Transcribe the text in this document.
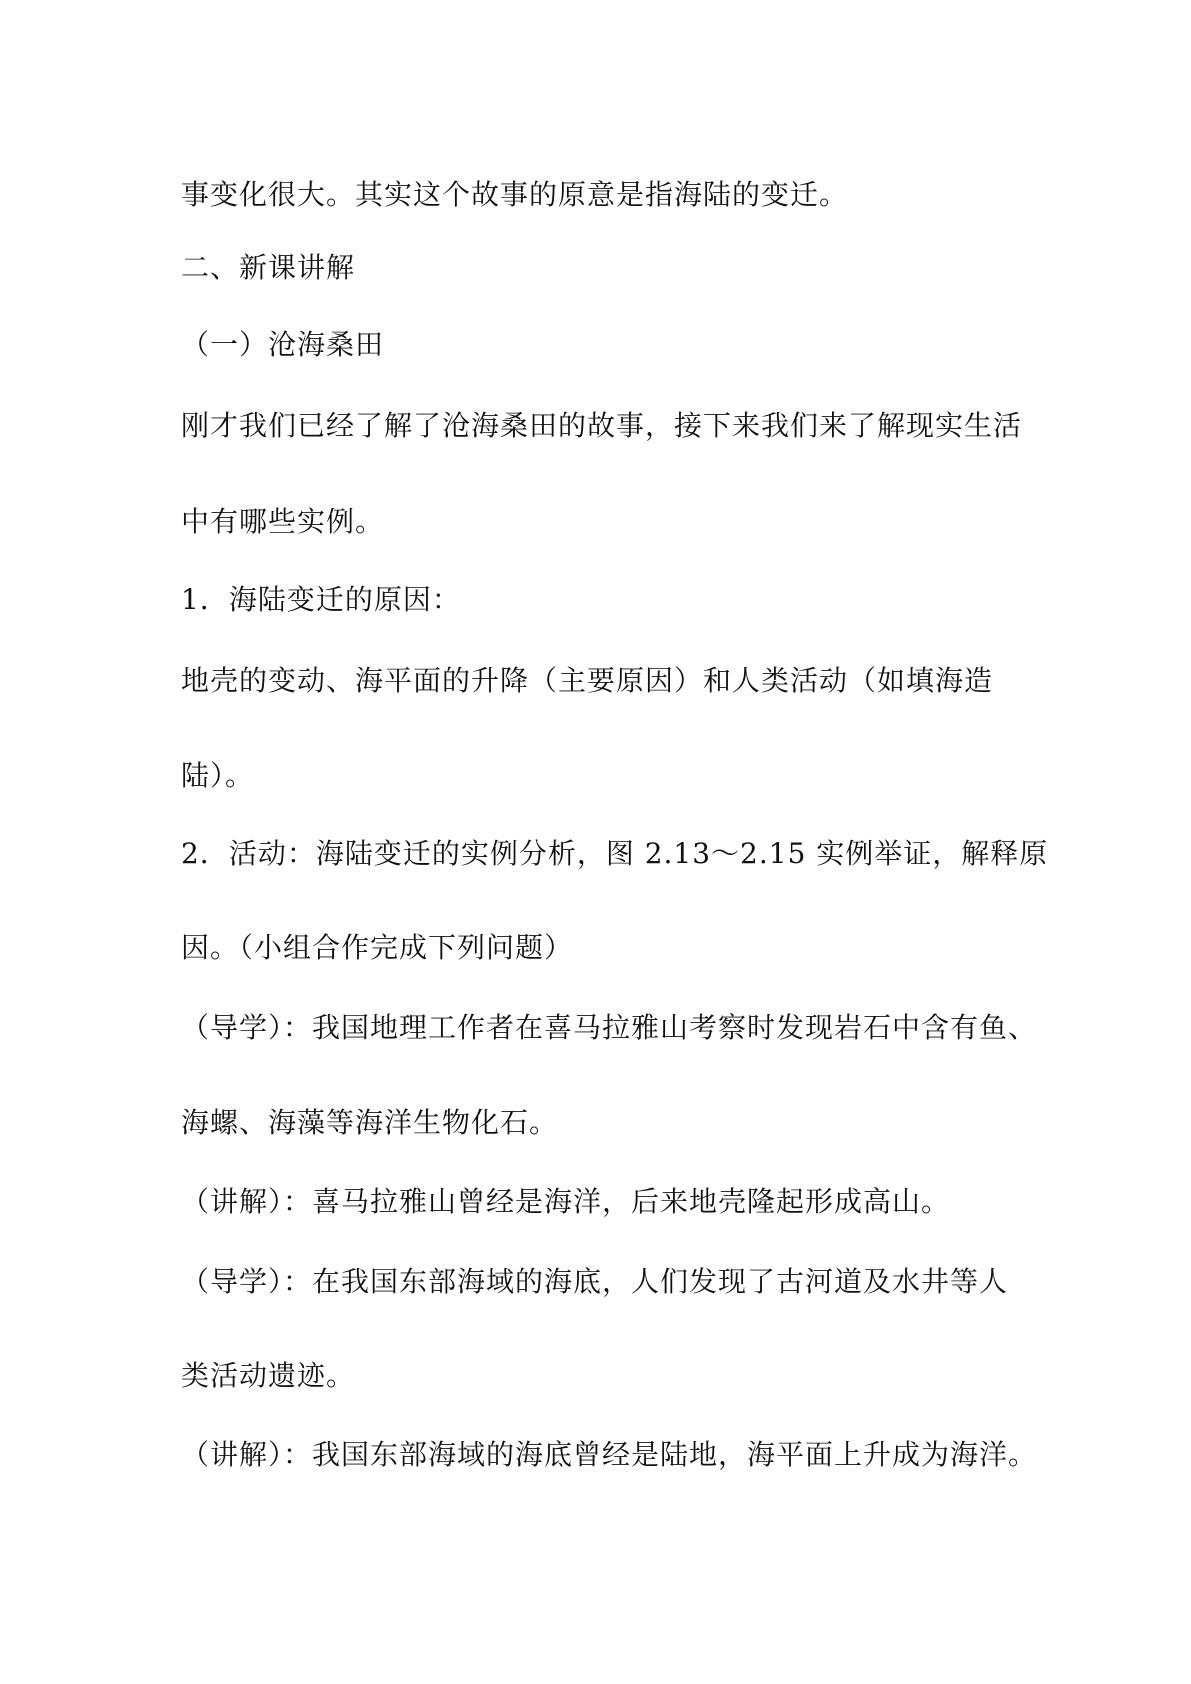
事变化很大。其实这个故事的原意是指海陆的变迁。
二、新课讲解
（一）沧海桑田
刚才我们已经了解了沧海桑田的故事，接下来我们来了解现实生活
中有哪些实例。
1．海陆变迁的原因：
地壳的变动、海平面的升降（主要原因）和人类活动（如填海造
陆）。
2．活动：海陆变迁的实例分析，图 2.13～2.15 实例举证，解释原
因。（小组合作完成下列问题）
（导学）：我国地理工作者在喜马拉雅山考察时发现岩石中含有鱼、
海螺、海藻等海洋生物化石。
（讲解）：喜马拉雅山曾经是海洋，后来地壳隆起形成高山。
（导学）：在我国东部海域的海底，人们发现了古河道及水井等人
类活动遗迹。
（讲解）：我国东部海域的海底曾经是陆地，海平面上升成为海洋。
